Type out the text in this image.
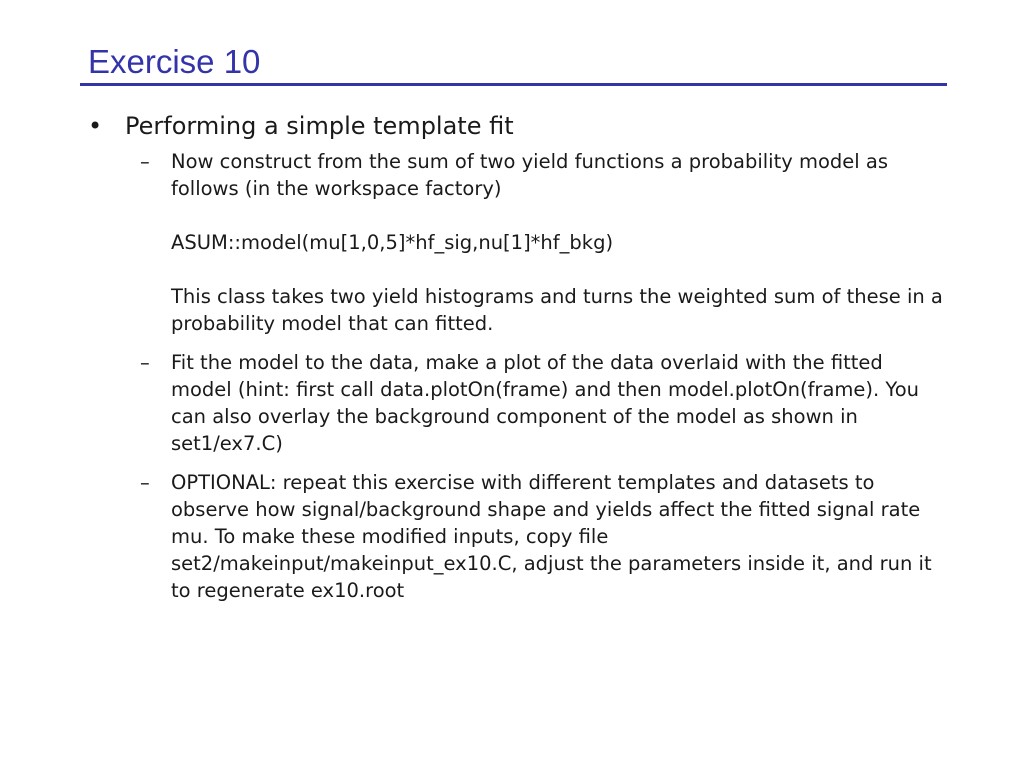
Exercise 10
• Performing a simple template fit
– Now construct from the sum of two yield functions a probability model as follows (in the workspace factory)
ASUM::model(mu[1,0,5]*hf_sig,nu[1]*hf_bkg)
This class takes two yield histograms and turns the weighted sum of these in a probability model that can fitted.
– Fit the model to the data, make a plot of the data overlaid with the fitted model (hint: first call data.plotOn(frame) and then model.plotOn(frame). You can also overlay the background component of the model as shown in set1/ex7.C)
– OPTIONAL: repeat this exercise with different templates and datasets to observe how signal/background shape and yields affect the fitted signal rate mu. To make these modified inputs, copy file set2/makeinput/makeinput_ex10.C, adjust the parameters inside it, and run it to regenerate ex10.root
